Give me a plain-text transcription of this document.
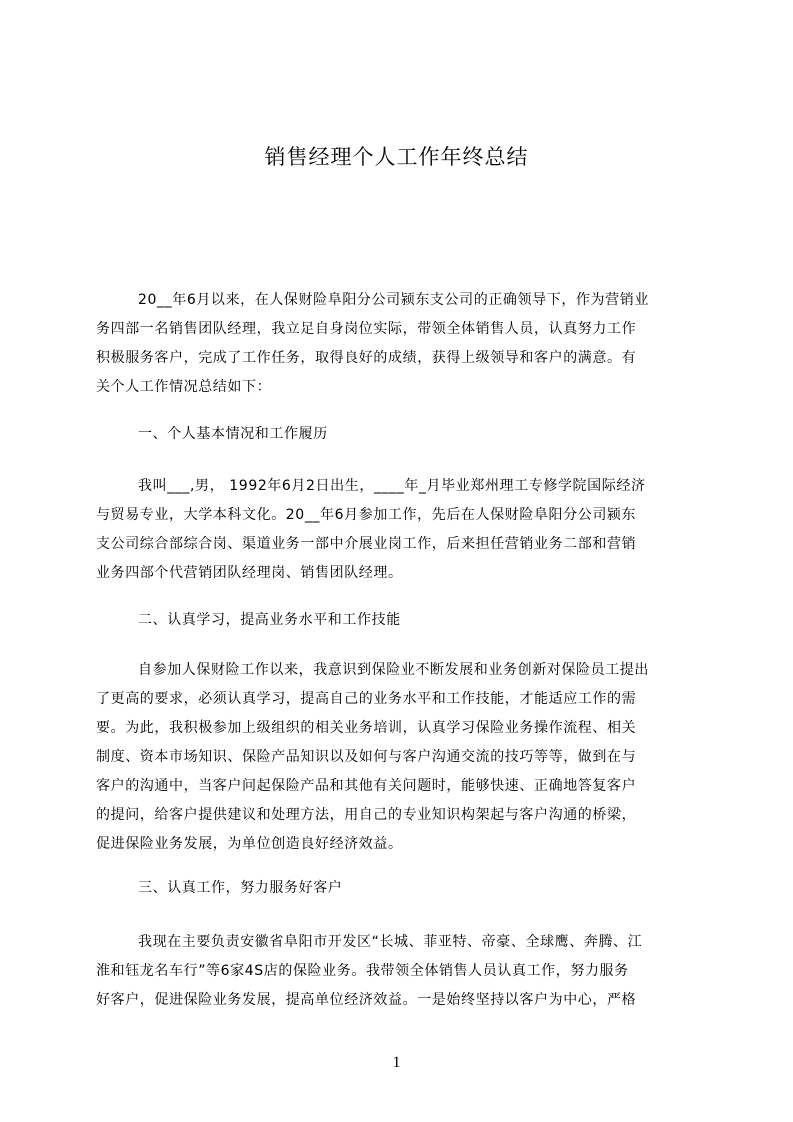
销售经理个人工作年终总结
20__年6月以来，在人保财险阜阳分公司颍东支公司的正确领导下，作为营销业
务四部一名销售团队经理，我立足自身岗位实际，带领全体销售人员，认真努力工作
积极服务客户，完成了工作任务，取得良好的成绩，获得上级领导和客户的满意。有
关个人工作情况总结如下：
一、个人基本情况和工作履历
我叫___,男， 1992年6月2日出生，____年_月毕业郑州理工专修学院国际经济
与贸易专业，大学本科文化。20__年6月参加工作，先后在人保财险阜阳分公司颍东
支公司综合部综合岗、渠道业务一部中介展业岗工作，后来担任营销业务二部和营销
业务四部个代营销团队经理岗、销售团队经理。
二、认真学习，提高业务水平和工作技能
自参加人保财险工作以来，我意识到保险业不断发展和业务创新对保险员工提出
了更高的要求，必须认真学习，提高自己的业务水平和工作技能，才能适应工作的需
要。为此，我积极参加上级组织的相关业务培训，认真学习保险业务操作流程、相关
制度、资本市场知识、保险产品知识以及如何与客户沟通交流的技巧等等，做到在与
客户的沟通中，当客户问起保险产品和其他有关问题时，能够快速、正确地答复客户
的提问，给客户提供建议和处理方法，用自己的专业知识构架起与客户沟通的桥梁，
促进保险业务发展，为单位创造良好经济效益。
三、认真工作，努力服务好客户
我现在主要负责安徽省阜阳市开发区“长城、菲亚特、帝豪、全球鹰、奔腾、江
淮和钰龙名车行”等6家4S店的保险业务。我带领全体销售人员认真工作，努力服务
好客户，促进保险业务发展，提高单位经济效益。一是始终坚持以客户为中心，严格
1
